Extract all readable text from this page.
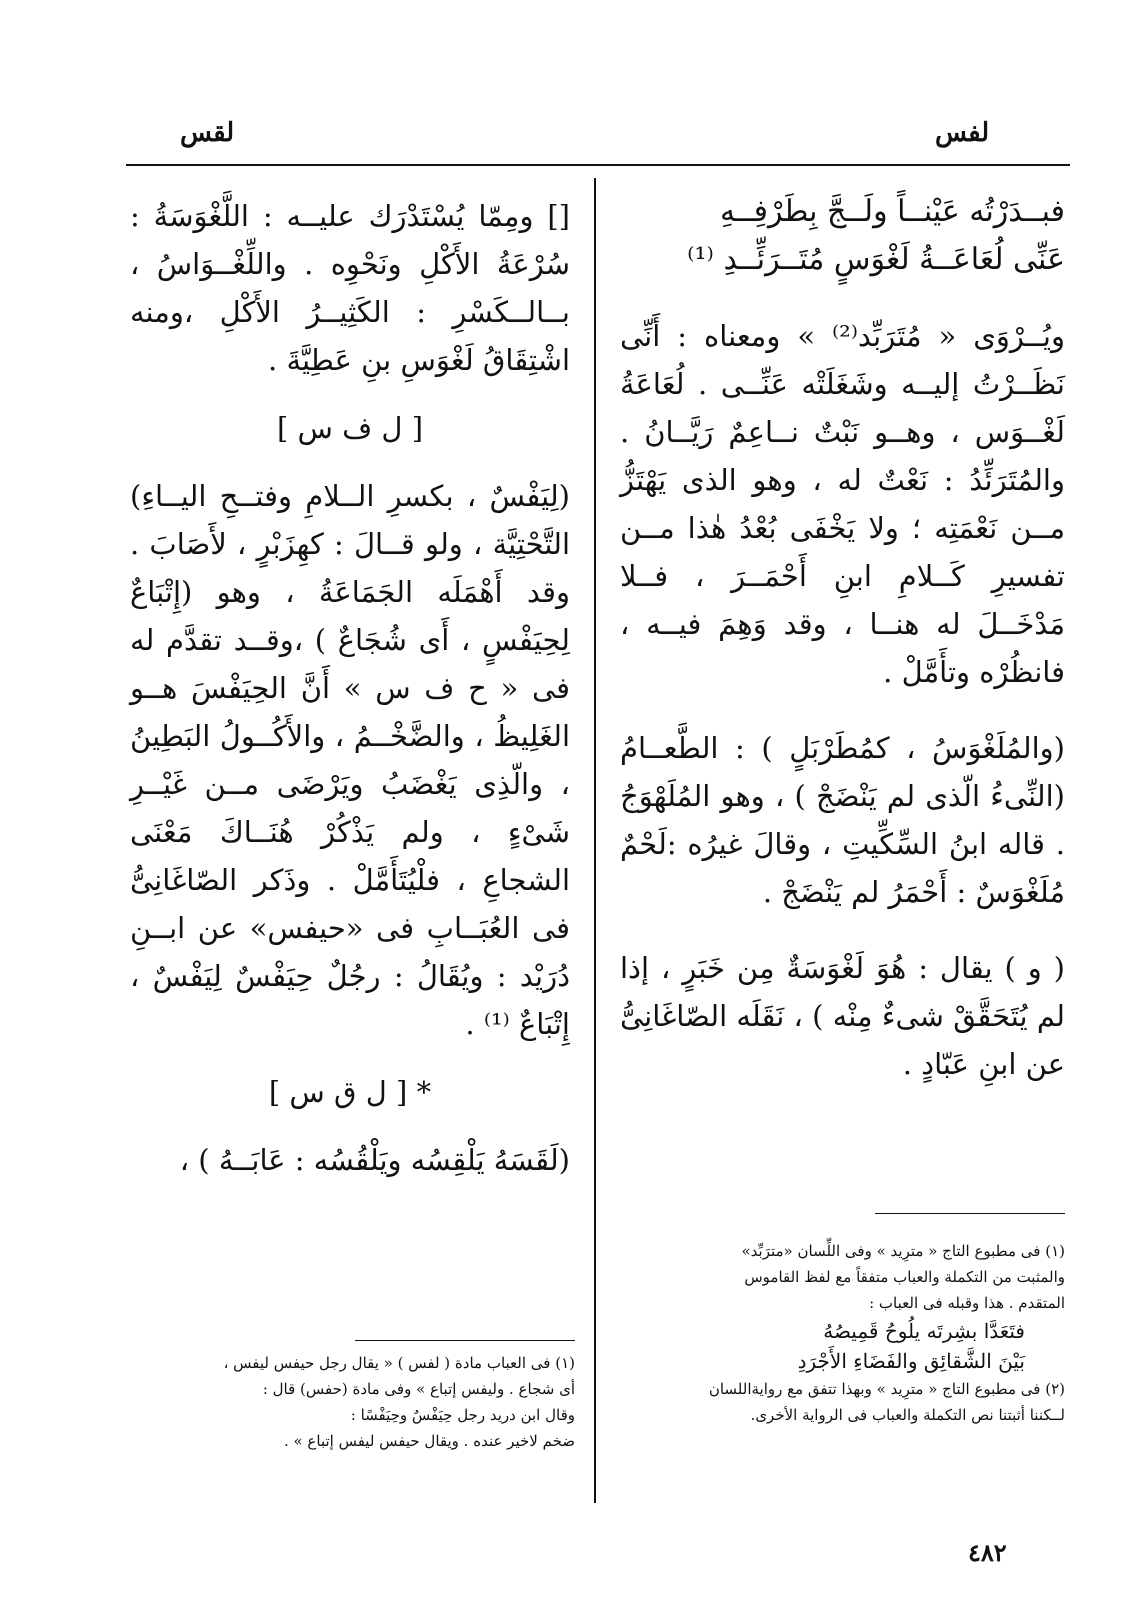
لفس
لقس
فبــدَرْتُه عَيْنــاً ولَــجَّ بِطَرْفِــهِ
عَنِّى لُعَاعَــةُ لَغْوَسٍ مُتَــرَئِّــدِ ⁽¹⁾
ويُــرْوَى « مُتَرَبِّد⁽²⁾ » ومعناه : أَنِّى نَظَــرْتُ إليــه وشَغَلَتْه عَنِّــى . لُعَاعَةُ لَغْــوَس ، وهــو نَبْتٌ نــاعِمٌ رَيَّــانُ . والمُتَرَئِّدُ : نَعْتٌ له ، وهو الذى يَهْتَزُّ مــن نَعْمَتِه ؛ ولا يَخْفَى بُعْدُ هٰذا مــن تفسيرِ كَــلامِ ابنِ أَحْمَــرَ ، فــلا مَدْخَــلَ له هنــا ، وقد وَهِمَ فيــه ، فانظُرْه وتأَمَّلْ .
(والمُلَغْوَسُ ، كمُطَرْبَلٍ ) : الطَّعــامُ (النِّىءُ الّذى لم يَنْضَجْ ) ، وهو المُلَهْوَجُ . قاله ابنُ السِّكِّيتِ ، وقالَ غيرُه :لَحْمٌ مُلَغْوَسٌ : أَحْمَرُ لم يَنْضَجْ .
( و ) يقال : هُوَ لَغْوَسَةٌ مِن خَبَرٍ ، إذا لم يُتَحَقَّقْ شىءٌ مِنْه ) ، نَقَلَه الصّاغَانِىُّ عن ابنِ عَبّادٍ .
[] ومِمّا يُسْتَدْرَك عليــه : اللَّغْوَسَةُ : سُرْعَةُ الأَكْلِ ونَحْوِه . واللِّغْــوَاسُ ، بــالــكَسْرِ : الكَثِيــرُ الأَكْلِ ،ومنه اشْتِقَاقُ لَغْوَسِ بنِ عَطِيَّةَ .
[ ل ف س ]
(لِيَفْسٌ ، بكسرِ الــلامِ وفتــحِ اليــاءِ) التَّحْتِيَّة ، ولو قــالَ : كهِزَبْرٍ ، لأَصَابَ . وقد أَهْمَلَه الجَمَاعَةُ ، وهو (إِتْبَاعٌ لِحِيَفْسٍ ، أَى شُجَاعٌ ) ،وقــد تقدَّم له فى « ح ف س » أَنَّ الحِيَفْسَ هــو الغَلِيظُ ، والضَّخْــمُ ، والأَكُــولُ البَطِينُ ، والّذِى يَغْضَبُ ويَرْضَى مــن غَيْــرِ شَىْءٍ ، ولم يَذْكُرْ هُنَــاكَ مَعْنَى الشجاعِ ، فلْيُتَأَمَّلْ . وذَكر الصّاغَانِىُّ فى العُبَــابِ فى «حيفس» عن ابــنِ دُرَيْد : ويُقَالُ : رجُلٌ حِيَفْسٌ لِيَفْسٌ ، إِتْبَاعٌ ⁽¹⁾ .
* [ ل ق س ]
(لَقَسَهُ يَلْقِسُه ويَلْقُسُه : عَابَــهُ ) ،
(١) فى مطبوع التاج « مترِيد » وفى اللِّسان «مترَبِّد»
والمثبت من التكملة والعباب متفقاً مع لفظ القاموس
المتقدم . هذا وقبله فى العباب :
فتَعَدَّا بشِرتَه يلُوحُ قَمِيصُهُ
بَيْنَ الشَّقائِق والفَضَاءِ الأَجْرَدِ
(٢) فى مطبوع التاج « مترِيد » وبهذا تتفق مع روايةاللسان
لــكننا أثبتنا نص التكملة والعباب فى الرواية الأخرى.
(١) فى العباب مادة ( لفس ) « يقال رجل حيفس ليفس ،
أى شجاع . وليفس إتباع » وفى مادة (حفس) قال :
وقال ابن دريد رجل حِيَفْسٌ وحِيَفْسًا :
ضخم لاخير عنده . ويقال حيفس ليفس إتباع » .
٤٨٢
